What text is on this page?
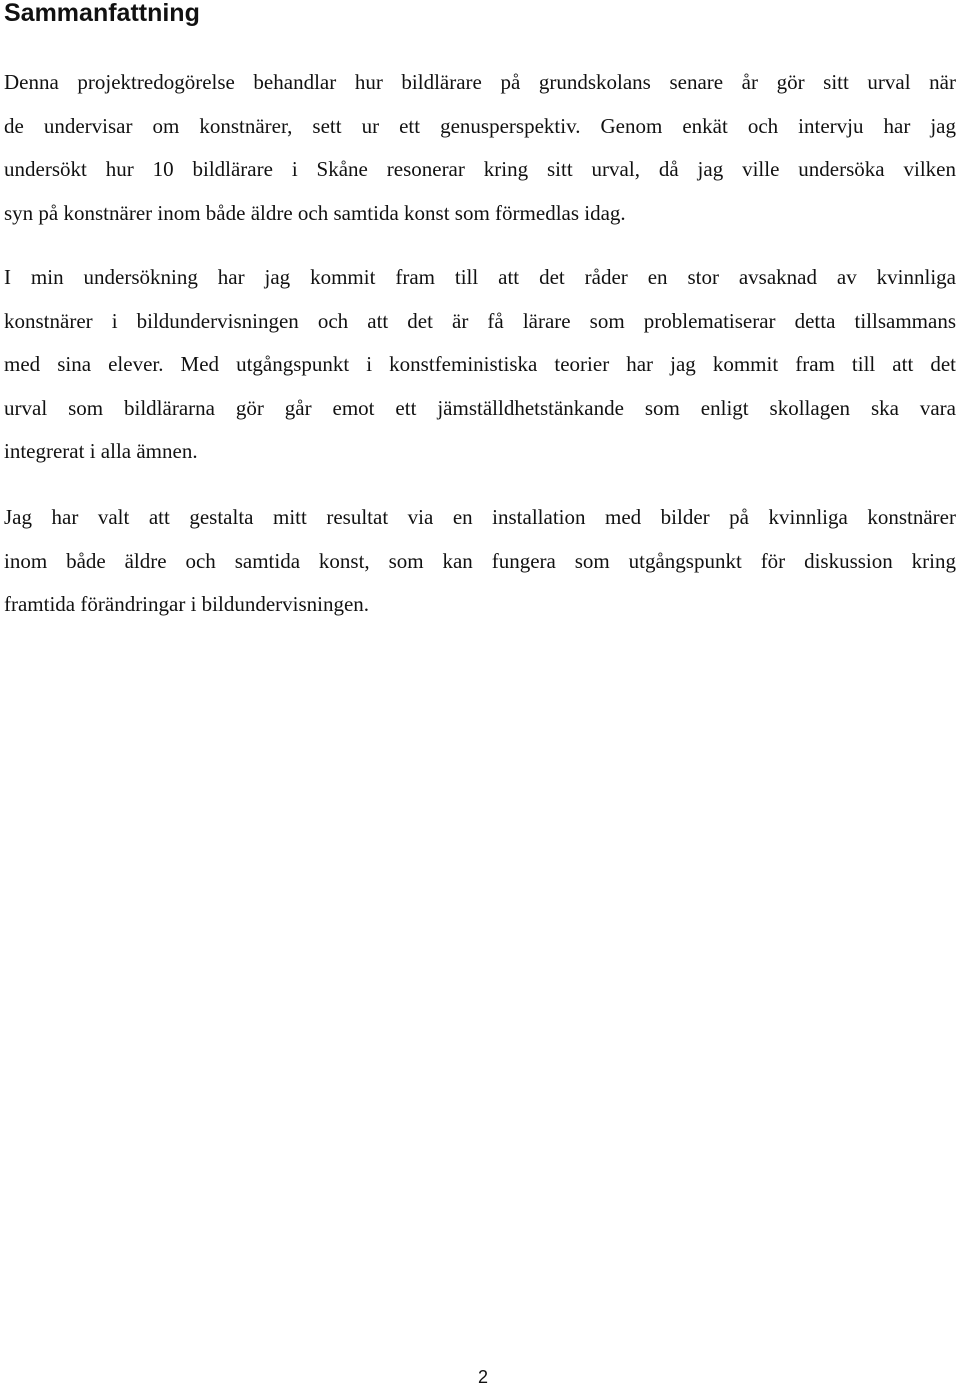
Sammanfattning
Denna projektredogörelse behandlar hur bildlärare på grundskolans senare år gör sitt urval när
de undervisar om konstnärer, sett ur ett genusperspektiv. Genom enkät och intervju har jag
undersökt hur 10 bildlärare i Skåne resonerar kring sitt urval, då jag ville undersöka vilken
syn på konstnärer inom både äldre och samtida konst som förmedlas idag.
I min undersökning har jag kommit fram till att det råder en stor avsaknad av kvinnliga
konstnärer i bildundervisningen och att det är få lärare som problematiserar detta tillsammans
med sina elever. Med utgångspunkt i konstfeministiska teorier har jag kommit fram till att det
urval som bildlärarna gör går emot ett jämställdhetstänkande som enligt skollagen ska vara
integrerat i alla ämnen.
Jag har valt att gestalta mitt resultat via en installation med bilder på kvinnliga konstnärer
inom både äldre och samtida konst, som kan fungera som utgångspunkt för diskussion kring
framtida förändringar i bildundervisningen.
2
